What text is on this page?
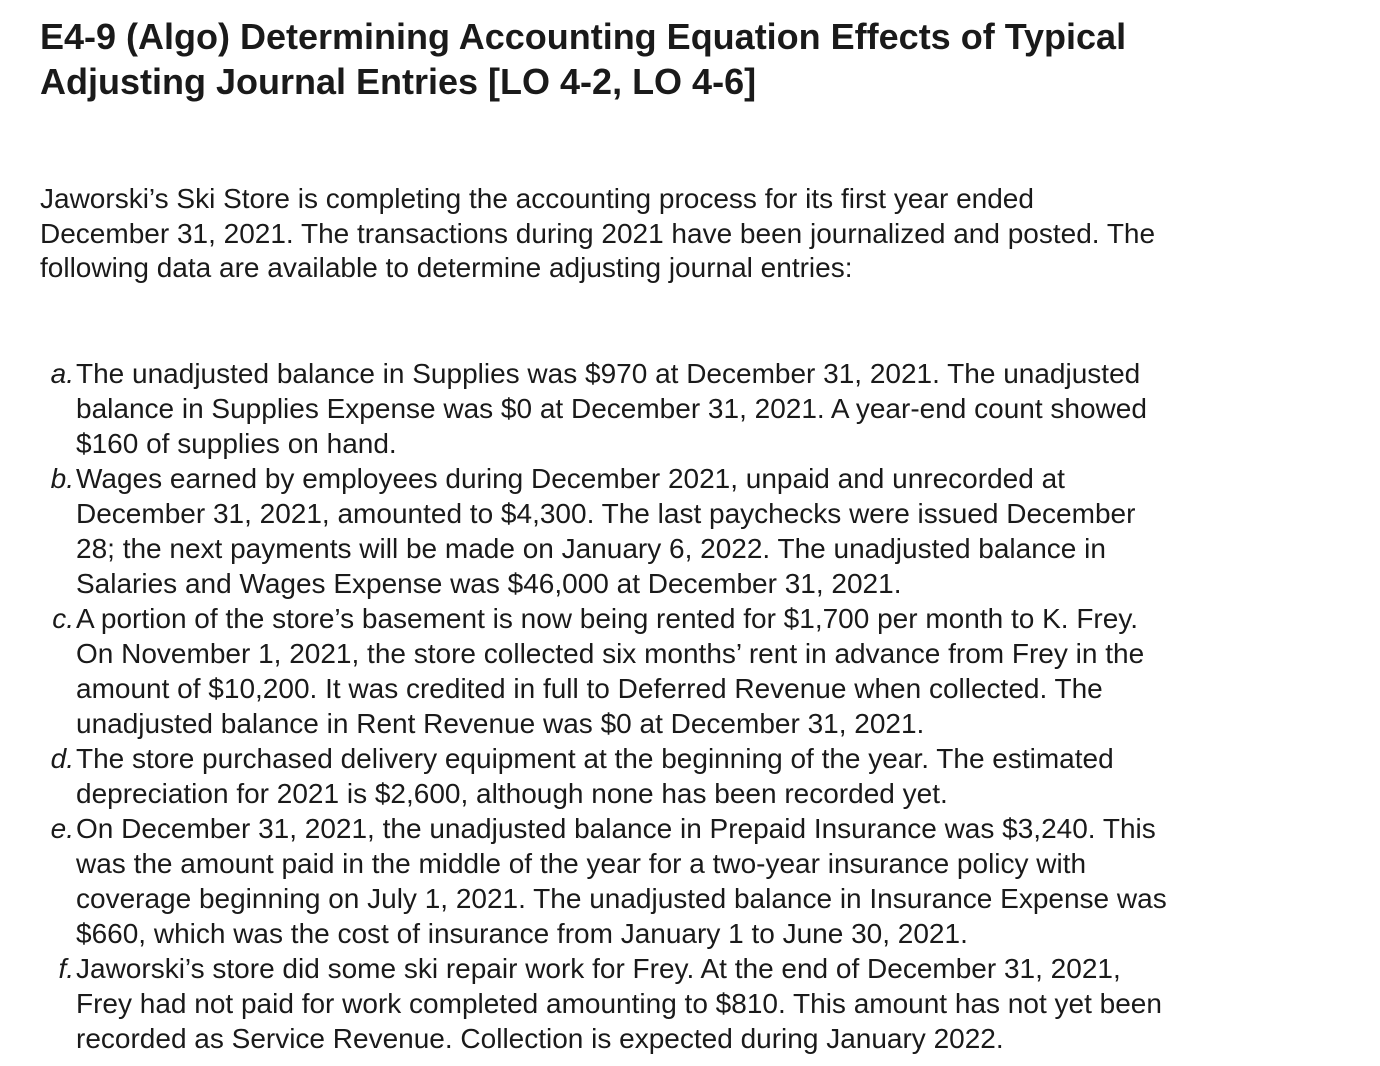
E4-9 (Algo) Determining Accounting Equation Effects of Typical
Adjusting Journal Entries [LO 4-2, LO 4-6]

Jaworski’s Ski Store is completing the accounting process for its first year ended
December 31, 2021. The transactions during 2021 have been journalized and posted. The
following data are available to determine adjusting journal entries:

a. The unadjusted balance in Supplies was $970 at December 31, 2021. The unadjusted
balance in Supplies Expense was $0 at December 31, 2021. A year-end count showed
$160 of supplies on hand.
b. Wages earned by employees during December 2021, unpaid and unrecorded at
December 31, 2021, amounted to $4,300. The last paychecks were issued December
28; the next payments will be made on January 6, 2022. The unadjusted balance in
Salaries and Wages Expense was $46,000 at December 31, 2021.
c. A portion of the store’s basement is now being rented for $1,700 per month to K. Frey.
On November 1, 2021, the store collected six months’ rent in advance from Frey in the
amount of $10,200. It was credited in full to Deferred Revenue when collected. The
unadjusted balance in Rent Revenue was $0 at December 31, 2021.
d. The store purchased delivery equipment at the beginning of the year. The estimated
depreciation for 2021 is $2,600, although none has been recorded yet.
e. On December 31, 2021, the unadjusted balance in Prepaid Insurance was $3,240. This
was the amount paid in the middle of the year for a two-year insurance policy with
coverage beginning on July 1, 2021. The unadjusted balance in Insurance Expense was
$660, which was the cost of insurance from January 1 to June 30, 2021.
f. Jaworski’s store did some ski repair work for Frey. At the end of December 31, 2021,
Frey had not paid for work completed amounting to $810. This amount has not yet been
recorded as Service Revenue. Collection is expected during January 2022.
